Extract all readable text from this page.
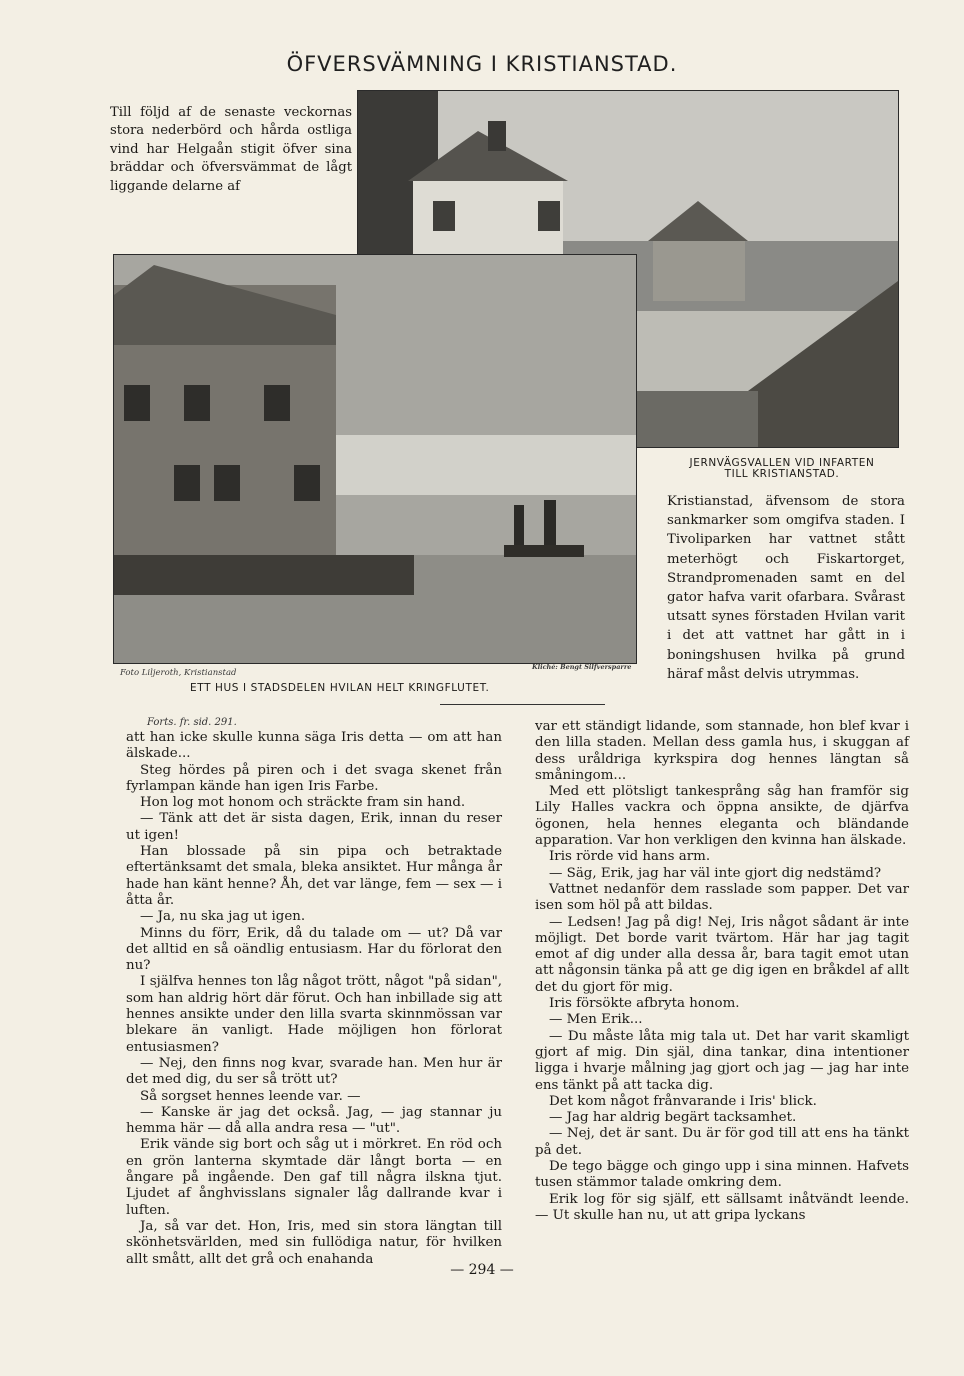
ÖFVERSVÄMNING I KRISTIANSTAD.
Till följd af de senaste veckornas stora nederbörd och hårda ostliga vind har Helgaån stigit öfver sina bräddar och öfversvämmat de lågt liggande delarne af
Foto Liljeroth, Kristianstad
Kliché: Bengt Silfversparre
JERNVÄGSVALLEN VID INFARTEN
TILL KRISTIANSTAD.
Kristianstad, äfvensom de stora sankmarker som omgifva staden. I Tivoliparken har vattnet stått meterhögt och Fiskartorget, Strandpromenaden samt en del gator hafva varit ofarbara. Svårast utsatt synes förstaden Hvilan varit i det att vattnet har gått in i boningshusen hvilka på grund häraf måst delvis utrymmas.
ETT HUS I STADSDELEN HVILAN HELT KRINGFLUTET.
Forts. fr. sid. 291.

att han icke skulle kunna säga Iris detta — om att han älskade...

Steg hördes på piren och i det svaga skenet från fyrlampan kände han igen Iris Farbe.

Hon log mot honom och sträckte fram sin hand.

— Tänk att det är sista dagen, Erik, innan du reser ut igen!

Han blossade på sin pipa och betraktade eftertänksamt det smala, bleka ansiktet. Hur många år hade han känt henne? Åh, det var länge, fem — sex — i åtta år.

— Ja, nu ska jag ut igen.

Minns du förr, Erik, då du talade om — ut? Då var det alltid en så oändlig entusiasm. Har du förlorat den nu?

I själfva hennes ton låg något trött, något "på sidan", som han aldrig hört där förut. Och han inbillade sig att hennes ansikte under den lilla svarta skinnmössan var blekare än vanligt. Hade möjligen hon förlorat entusiasmen?

— Nej, den finns nog kvar, svarade han. Men hur är det med dig, du ser så trött ut?

Så sorgset hennes leende var. —

— Kanske är jag det också. Jag, — jag stannar ju hemma här — då alla andra resa — "ut".

Erik vände sig bort och såg ut i mörkret. En röd och en grön lanterna skymtade där långt borta — en ångare på ingående. Den gaf till några ilskna tjut. Ljudet af ånghvisslans signaler låg dallrande kvar i luften.

Ja, så var det. Hon, Iris, med sin stora längtan till skönhetsvärlden, med sin fullödiga natur, för hvilken allt smått, allt det grå och enahanda

var ett ständigt lidande, som stannade, hon blef kvar i den lilla staden. Mellan dess gamla hus, i skuggan af dess uråldriga kyrkspira dog hennes längtan så småningom...

Med ett plötsligt tankesprång såg han framför sig Lily Halles vackra och öppna ansikte, de djärfva ögonen, hela hennes eleganta och bländande apparation. Var hon verkligen den kvinna han älskade.

Iris rörde vid hans arm.

— Säg, Erik, jag har väl inte gjort dig nedstämd?

Vattnet nedanför dem rasslade som papper. Det var isen som höl på att bildas.

— Ledsen! Jag på dig! Nej, Iris något sådant är inte möjligt. Det borde varit tvärtom. Här har jag tagit emot af dig under alla dessa år, bara tagit emot utan att någonsin tänka på att ge dig igen en bråkdel af allt det du gjort för mig.

Iris försökte afbryta honom.

— Men Erik...

— Du måste låta mig tala ut. Det har varit skamligt gjort af mig. Din själ, dina tankar, dina intentioner ligga i hvarje målning jag gjort och jag — jag har inte ens tänkt på att tacka dig.

Det kom något frånvarande i Iris' blick.

— Jag har aldrig begärt tacksamhet.

— Nej, det är sant. Du är för god till att ens ha tänkt på det.

De tego bägge och gingo upp i sina minnen. Hafvets tusen stämmor talade omkring dem.

Erik log för sig själf, ett sällsamt inåtvändt leende. — Ut skulle han nu, ut att gripa lyckans

— 294 —
